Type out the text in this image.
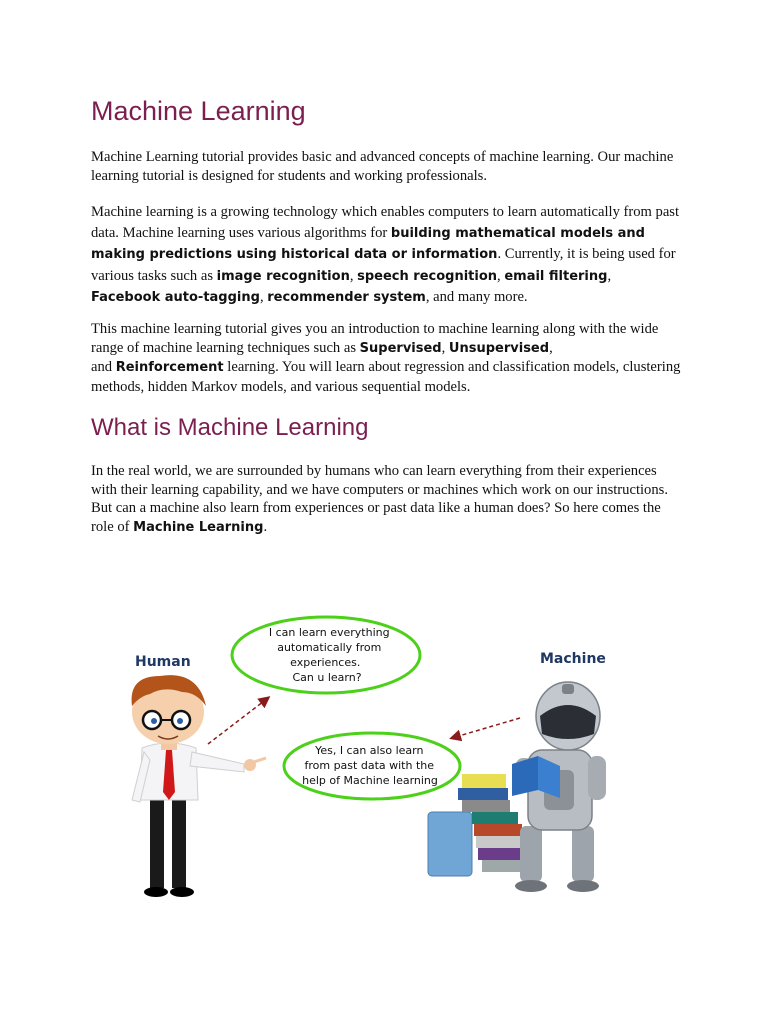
Machine Learning

Machine Learning tutorial provides basic and advanced concepts of machine learning. Our machine learning tutorial is designed for students and working professionals.

Machine learning is a growing technology which enables computers to learn automatically from past data. Machine learning uses various algorithms for building mathematical models and making predictions using historical data or information. Currently, it is being used for various tasks such as image recognition, speech recognition, email filtering, Facebook auto-tagging, recommender system, and many more.

This machine learning tutorial gives you an introduction to machine learning along with the wide range of machine learning techniques such as Supervised, Unsupervised,
and Reinforcement learning. You will learn about regression and classification models, clustering methods, hidden Markov models, and various sequential models.

What is Machine Learning

In the real world, we are surrounded by humans who can learn everything from their experiences with their learning capability, and we have computers or machines which work on our instructions. But can a machine also learn from experiences or past data like a human does? So here comes the role of Machine Learning.

Human	Machine
I can learn everything automatically from experiences. Can u learn?
Yes, I can also learn from past data with the help of Machine learning
